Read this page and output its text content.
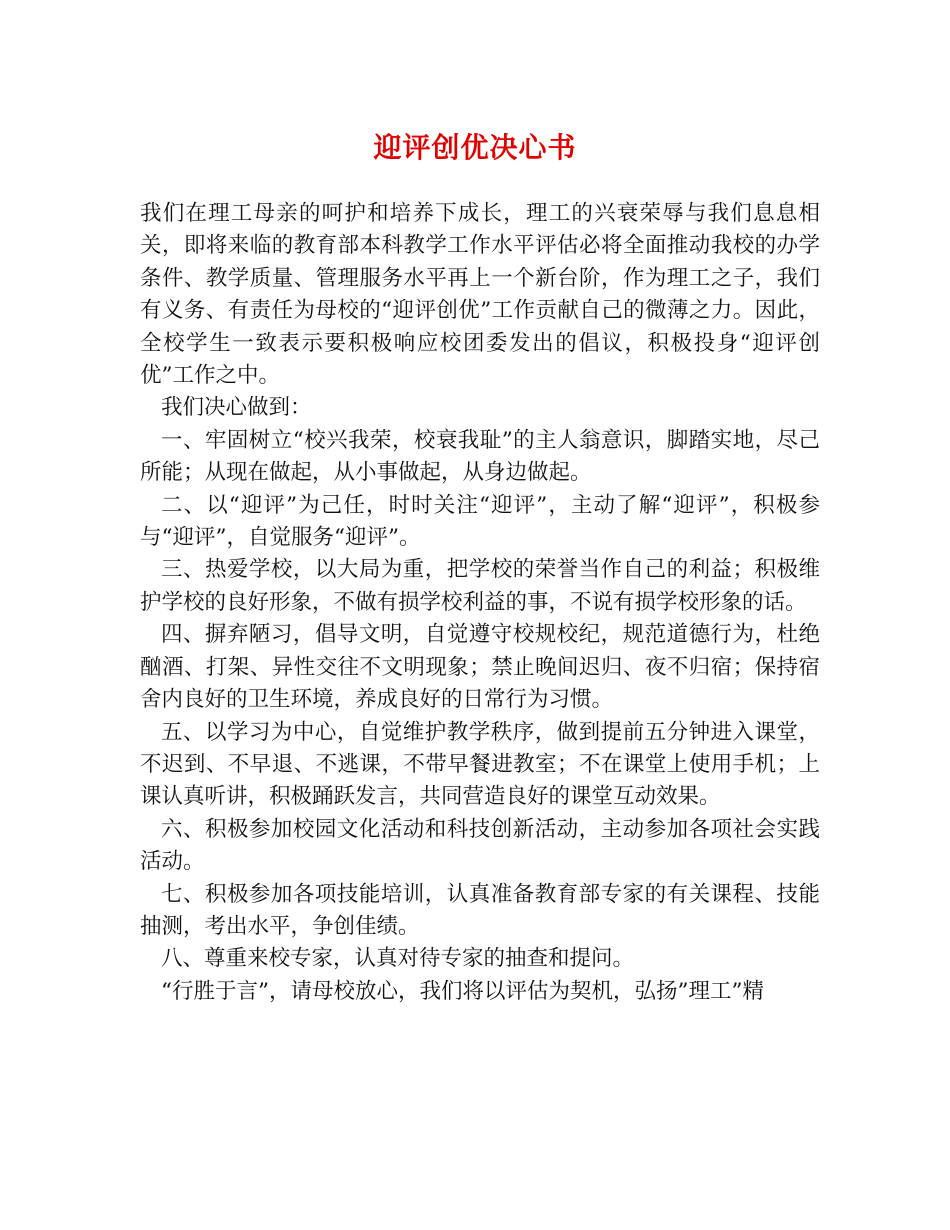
迎评创优决心书

我们在理工母亲的呵护和培养下成长，理工的兴衰荣辱与我们息息相关，即将来临的教育部本科教学工作水平评估必将全面推动我校的办学条件、教学质量、管理服务水平再上一个新台阶，作为理工之子，我们有义务、有责任为母校的“迎评创优”工作贡献自己的微薄之力。因此，全校学生一致表示要积极响应校团委发出的倡议，积极投身“迎评创优”工作之中。

我们决心做到：

一、牢固树立“校兴我荣，校衰我耻”的主人翁意识，脚踏实地，尽己所能；从现在做起，从小事做起，从身边做起。

二、以“迎评”为己任，时时关注“迎评”，主动了解“迎评”，积极参与“迎评”，自觉服务“迎评”。

三、热爱学校，以大局为重，把学校的荣誉当作自己的利益；积极维护学校的良好形象，不做有损学校利益的事，不说有损学校形象的话。

四、摒弃陋习，倡导文明，自觉遵守校规校纪，规范道德行为，杜绝酗酒、打架、异性交往不文明现象；禁止晚间迟归、夜不归宿；保持宿舍内良好的卫生环境，养成良好的日常行为习惯。

五、以学习为中心，自觉维护教学秩序，做到提前五分钟进入课堂，不迟到、不早退、不逃课，不带早餐进教室；不在课堂上使用手机；上课认真听讲，积极踊跃发言，共同营造良好的课堂互动效果。

六、积极参加校园文化活动和科技创新活动，主动参加各项社会实践活动。

七、积极参加各项技能培训，认真准备教育部专家的有关课程、技能抽测，考出水平，争创佳绩。

八、尊重来校专家，认真对待专家的抽查和提问。

“行胜于言”，请母校放心，我们将以评估为契机，弘扬”理工”精
